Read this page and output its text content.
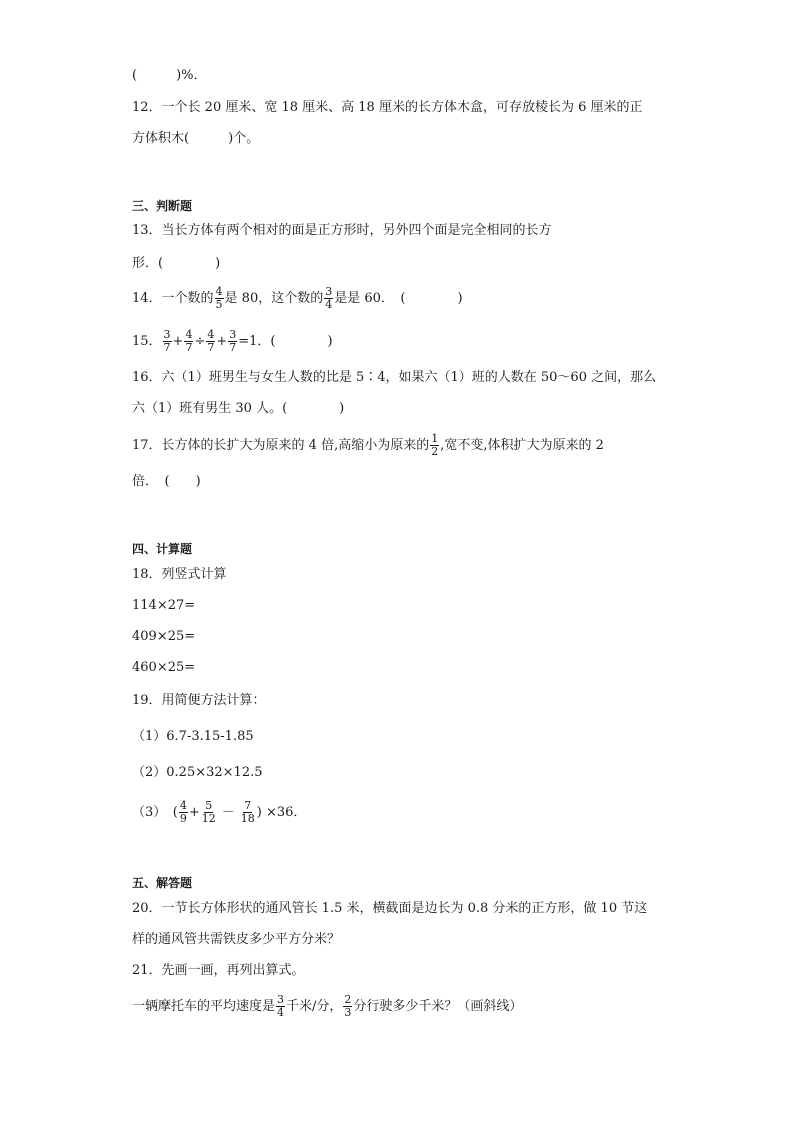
(　　　)%．
12．一个长 20 厘米、宽 18 厘米、高 18 厘米的长方体木盒，可存放棱长为 6 厘米的正
方体积木(　　　)个。
三、判断题
13．当长方体有两个相对的面是正方形时，另外四个面是完全相同的长方
形．(　　　　)
14．一个数的 $\frac{4}{5}$ 是 80，这个数的 $\frac{3}{4}$ 是是 60．　(　　　　)
15． $\frac{3}{7} + \frac{4}{7} \div \frac{4}{7} + \frac{3}{7} =1$．(　　　　)
16．六（1）班男生与女生人数的比是 5∶4，如果六（1）班的人数在 50～60 之间，那么
六（1）班有男生 30 人。(　　　　)
17．长方体的长扩大为原来的 4 倍,高缩小为原来的 $\frac{1}{2}$ ,宽不变,体积扩大为原来的 2
倍．　(　　)
四、计算题
18．列竖式计算
114×27=
409×25=
460×25=
19．用简便方法计算：
（1）6.7-3.15-1.85
（2）0.25×32×12.5
（3）　( $\frac{4}{9} + \frac{5}{12} - \frac{7}{18}$ ) ×36．
五、解答题
20．一节长方体形状的通风管长 1.5 米，横截面是边长为 0.8 分米的正方形，做 10 节这
样的通风管共需铁皮多少平方分米？
21．先画一画，再列出算式。
一辆摩托车的平均速度是 $\frac{3}{4}$ 千米/分， $\frac{2}{3}$ 分行驶多少千米？（画斜线）
